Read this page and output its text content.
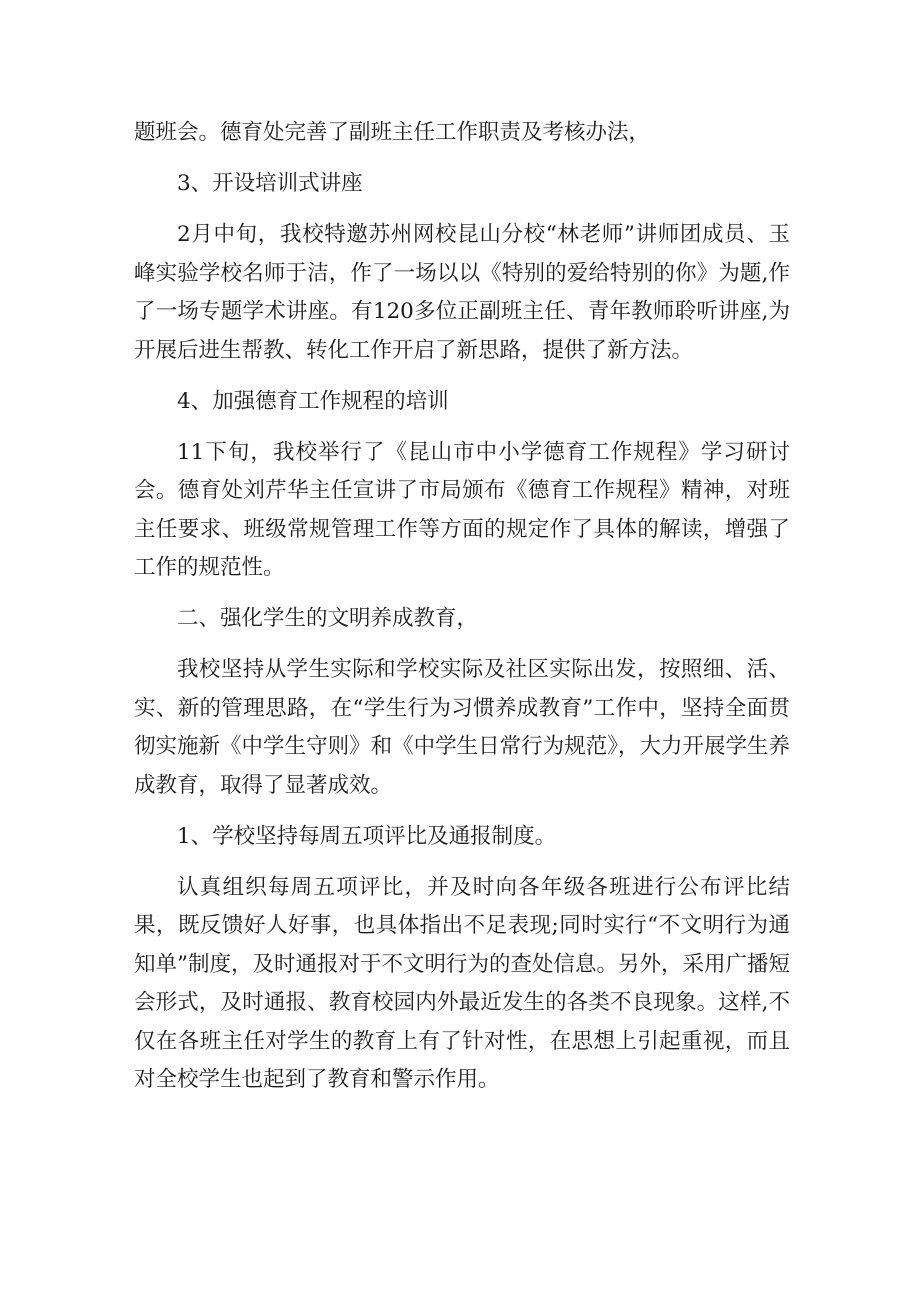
题班会。德育处完善了副班主任工作职责及考核办法，

3、开设培训式讲座

2月中旬，我校特邀苏州网校昆山分校“林老师”讲师团成员、玉峰实验学校名师于洁，作了一场以以《特别的爱给特别的你》为题,作了一场专题学术讲座。有120多位正副班主任、青年教师聆听讲座,为开展后进生帮教、转化工作开启了新思路，提供了新方法。

4、加强德育工作规程的培训

11下旬，我校举行了《昆山市中小学德育工作规程》学习研讨会。德育处刘芹华主任宣讲了市局颁布《德育工作规程》精神，对班主任要求、班级常规管理工作等方面的规定作了具体的解读，增强了工作的规范性。

二、强化学生的文明养成教育，

我校坚持从学生实际和学校实际及社区实际出发，按照细、活、实、新的管理思路，在“学生行为习惯养成教育”工作中，坚持全面贯彻实施新《中学生守则》和《中学生日常行为规范》，大力开展学生养成教育，取得了显著成效。

1、学校坚持每周五项评比及通报制度。

认真组织每周五项评比，并及时向各年级各班进行公布评比结果，既反馈好人好事，也具体指出不足表现;同时实行“不文明行为通知单”制度，及时通报对于不文明行为的查处信息。另外，采用广播短会形式，及时通报、教育校园内外最近发生的各类不良现象。这样,不仅在各班主任对学生的教育上有了针对性，在思想上引起重视，而且对全校学生也起到了教育和警示作用。
